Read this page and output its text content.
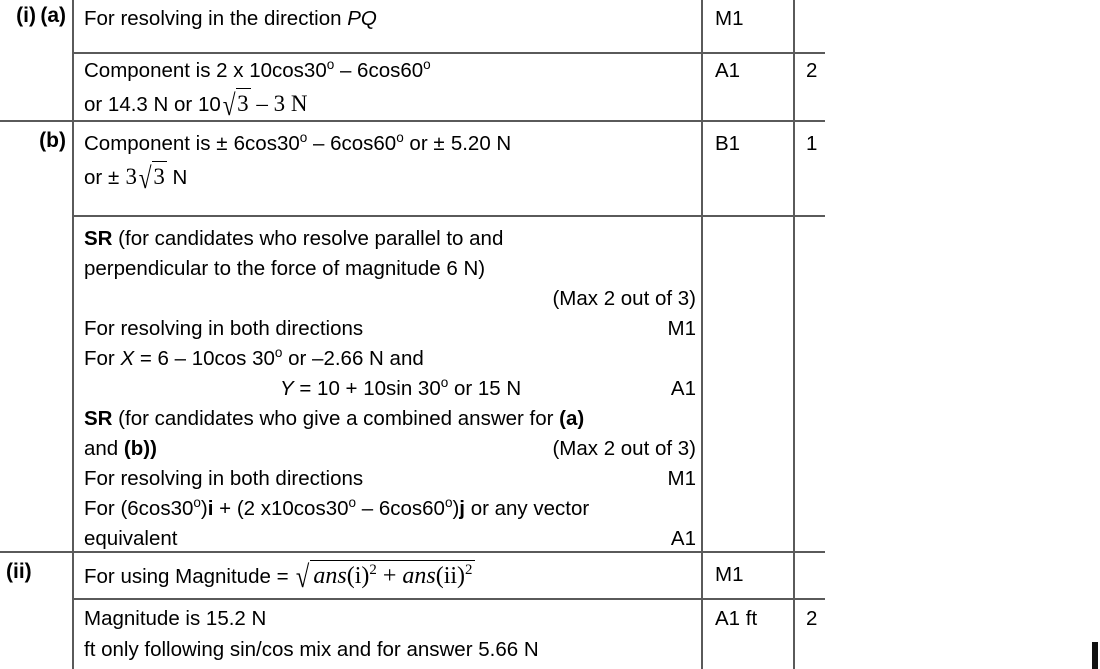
(i) (a) For resolving in the direction PQ	M1
Component is 2 x 10cos30$^o$ – 6cos60$^o$
or 14.3 N or 10√3 – 3 N
A1	2
(b) Component is ± $6\cos 30^o - 6\cos 60^o$ or ± 5.20 N
or ± 3√3 N
B1	1
SR (for candidates who resolve parallel to and
perpendicular to the force of magnitude 6 N)
(Max 2 out of 3)

For resolving in both directions	M1
For X = 6 – 10cos 30$^o$ or –2.66 N and
Y = 10 + 10sin 30$^o$ or 15 N	A1
SR (for candidates who give a combined answer for (a)
and (b))	(Max 2 out of 3)
For resolving in both directions	M1
For $(6\cos 30^o)i + (2$ x10cos30$^o$ – 6cos60$^o$)j or any vector
equivalent	A1
(ii)	For using Magnitude = √ $ans(i)^2 + ans(ii)^2$	M1
Magnitude is 15.2 N
ft only following sin/cos mix and for answer 5.66 N
A1 ft 2
